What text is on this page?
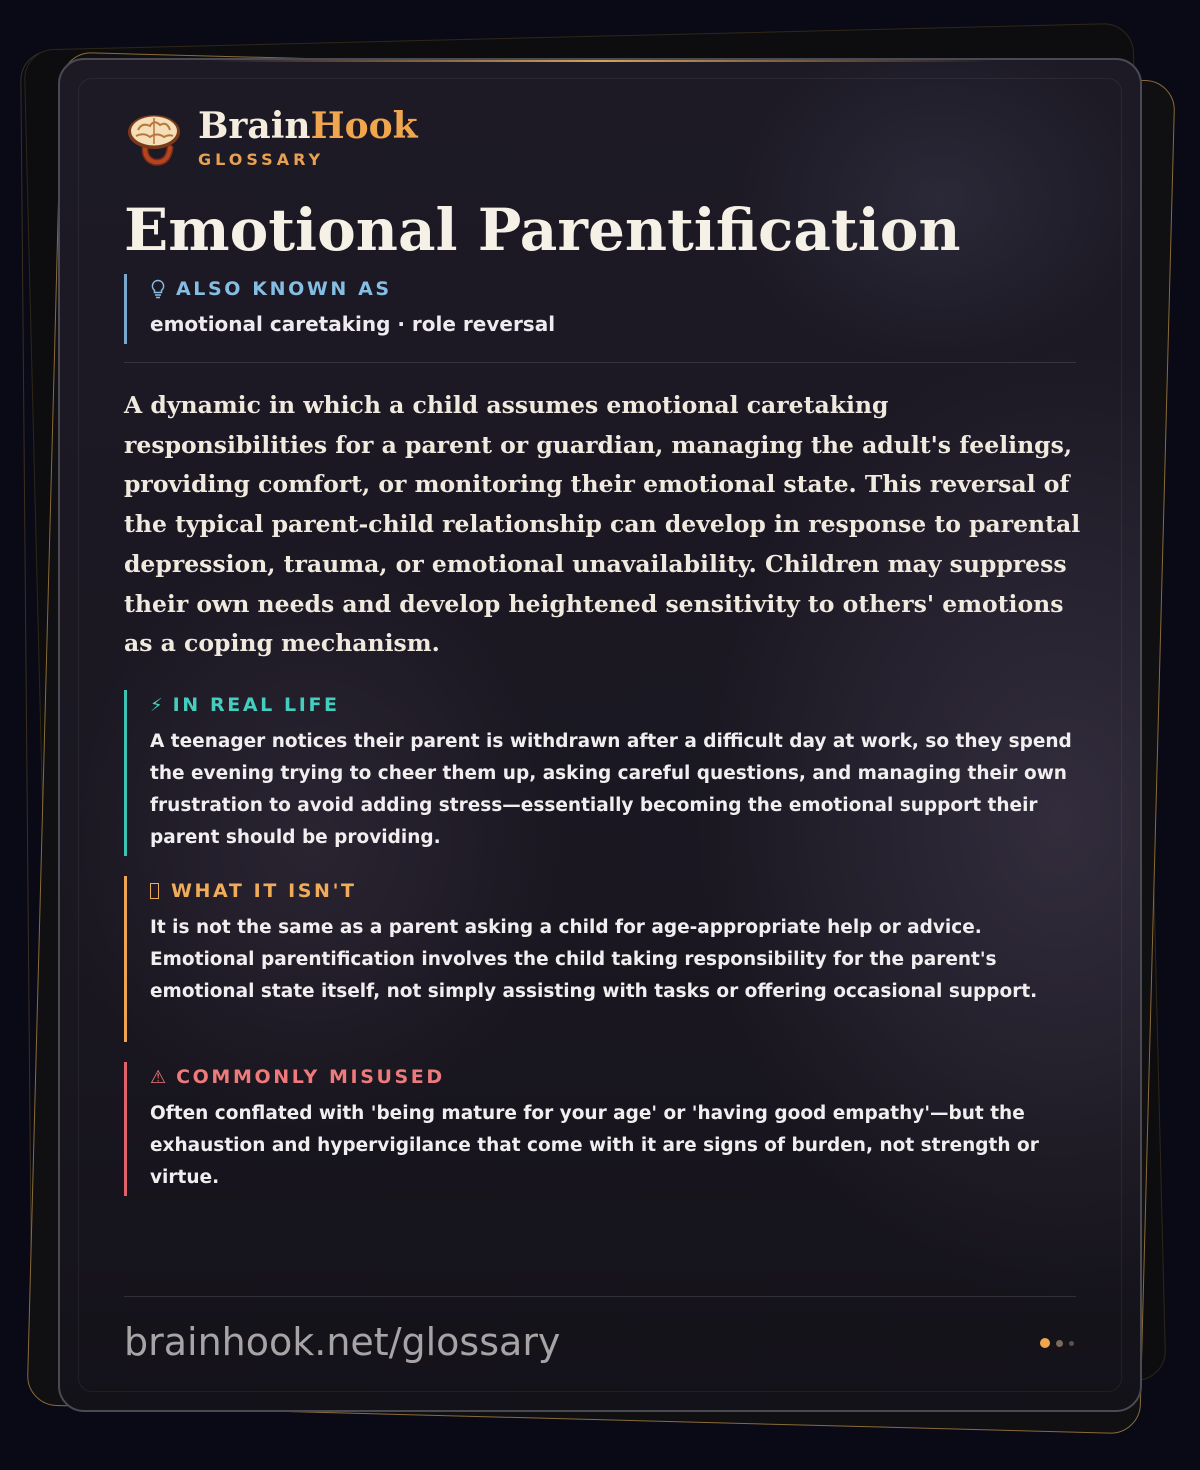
BrainHook
GLOSSARY
Emotional Parentification
ALSO KNOWN AS
emotional caretaking · role reversal

A dynamic in which a child assumes emotional caretaking responsibilities for a parent or guardian, managing the adult's feelings, providing comfort, or monitoring their emotional state. This reversal of the typical parent-child relationship can develop in response to parental depression, trauma, or emotional unavailability. Children may suppress their own needs and develop heightened sensitivity to others' emotions as a coping mechanism.

⚡ IN REAL LIFE
A teenager notices their parent is withdrawn after a difficult day at work, so they spend the evening trying to cheer them up, asking careful questions, and managing their own frustration to avoid adding stress—essentially becoming the emotional support their parent should be providing.
WHAT IT ISN'T
It is not the same as a parent asking a child for age-appropriate help or advice. Emotional parentification involves the child taking responsibility for the parent's emotional state itself, not simply assisting with tasks or offering occasional support.
⚠ COMMONLY MISUSED
Often conflated with 'being mature for your age' or 'having good empathy'—but the exhaustion and hypervigilance that come with it are signs of burden, not strength or virtue.
brainhook.net/glossary
